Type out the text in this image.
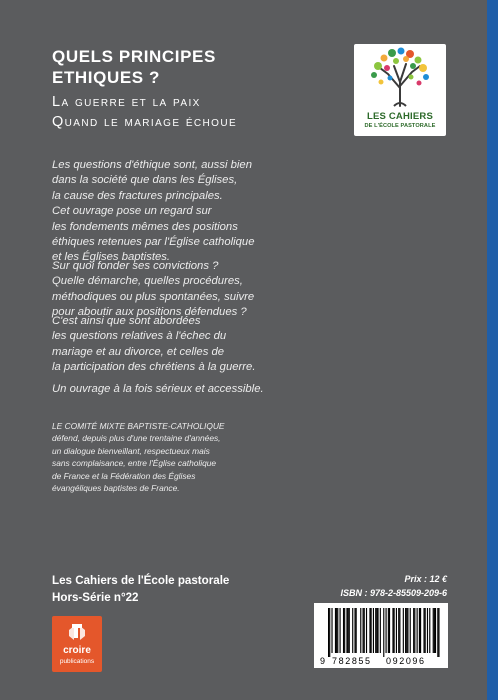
QUELS PRINCIPES
ETHIQUES ?
La guerre et la paix
Quand le mariage échoue	LES CAHIERS
DE L'ÉCOLE PASTORALE
Les questions d'éthique sont, aussi bien
dans la société que dans les Églises,
la cause des fractures principales.
Cet ouvrage pose un regard sur
les fondements mêmes des positions
éthiques retenues par l'Église catholique
et les Églises baptistes.
Sur quoi fonder ses convictions ?
Quelle démarche, quelles procédures,
méthodiques ou plus spontanées, suivre
pour aboutir aux positions défendues ?
C'est ainsi que sont abordées
les questions relatives à l'échec du
mariage et au divorce, et celles de
la participation des chrétiens à la guerre.
Un ouvrage à la fois sérieux et accessible.
LE COMITÉ MIXTE BAPTISTE-CATHOLIQUE
défend, depuis plus d'une trentaine d'années,
un dialogue bienveillant, respectueux mais
sans complaisance, entre l'Église catholique
de France et la Fédération des Églises
évangéliques baptistes de France.
Les Cahiers de l'École pastorale
Hors-Série n°22
Prix : 12 €
ISBN : 978-2-85509-209-6
9 782855 092096
croire
publications
